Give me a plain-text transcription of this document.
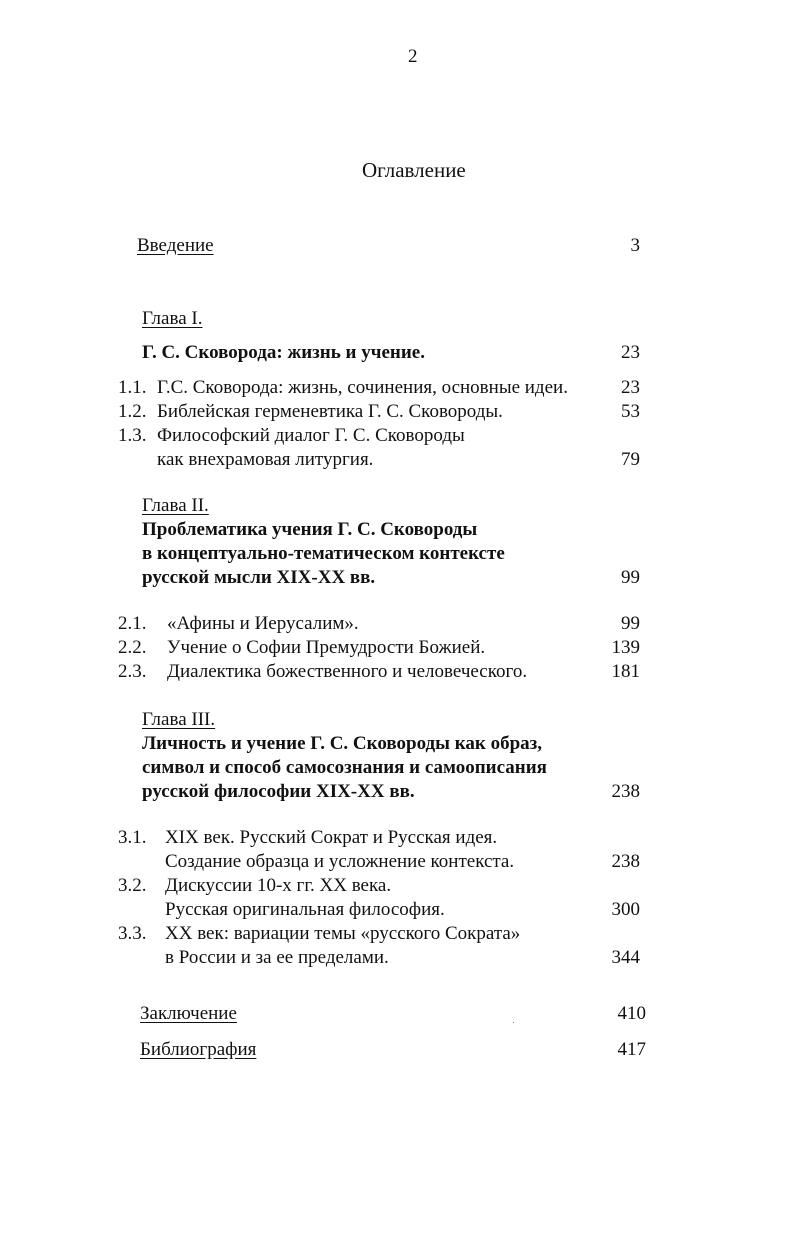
2
Оглавление
Введение	3
Глава I.
Г. С. Сковорода: жизнь и учение.	23
1.1. Г.С. Сковорода: жизнь, сочинения, основные идеи.	23
1.2. Библейская герменевтика Г. С. Сковороды.	53
1.3. Философский диалог Г. С. Сковороды
как внехрамовая литургия.	79
Глава II.
Проблематика учения Г. С. Сковороды
в концептуально-тематическом контексте
русской мысли XIX-XX вв.	99
2.1. «Афины и Иерусалим».	99
2.2. Учение о Софии Премудрости Божией.	139
2.3. Диалектика божественного и человеческого.	181
Глава III.
Личность и учение Г. С. Сковороды как образ,
символ и способ самосознания и самоописания
русской философии XIX-XX вв.	238
3.1. XIX век. Русский Сократ и Русская идея.
Создание образца и усложнение контекста.	238
3.2. Дискуссии 10-х гг. XX века.
Русская оригинальная философия.	300
3.3. XX век: вариации темы «русского Сократа»
в России и за ее пределами.	344
Заключение	410
Библиография	417
